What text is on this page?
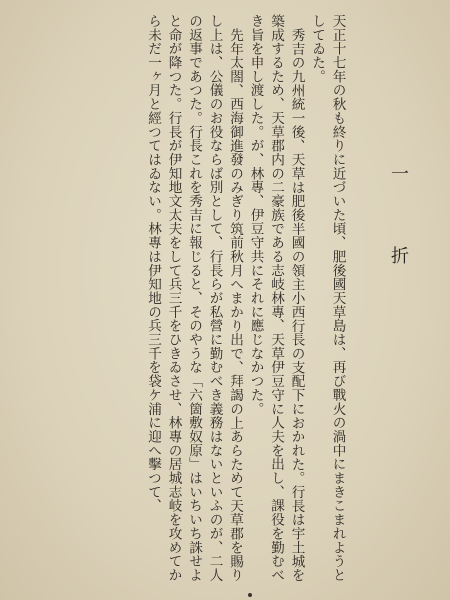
一折

天正十七年の秋も終りに近づいた頃、肥後國天草島は、再び戰火の渦中にまきこまれようとしてゐた。

秀吉の九州統一後、天草は肥後半國の領主小西行長の支配下におかれた。行長は宇土城を築成するため、天草郡内の二豪族である志岐林專、天草伊豆守に人夫を出し、課役を勤むべき旨を申し渡した。が、林專、伊豆守共にそれに應じなかつた。

先年太閤、西海御進發のみぎり筑前秋月へまかり出で、拜謁の上あらためて天草郡を賜りし上は、公儀のお役ならば別として、行長らが私營に勤むべき義務はないといふのが、二人の返事であつた。行長これを秀吉に報じると、そのやうな「六箇敷奴原」はいちいち誅せよと命が降つた。行長が伊知地文太夫をして兵三千をひきゐさせ、林專の居城志岐を攻めてから未だ一ヶ月と經つてはゐない。林專は伊知地の兵三千を袋ケ浦に迎へ擊つて、
